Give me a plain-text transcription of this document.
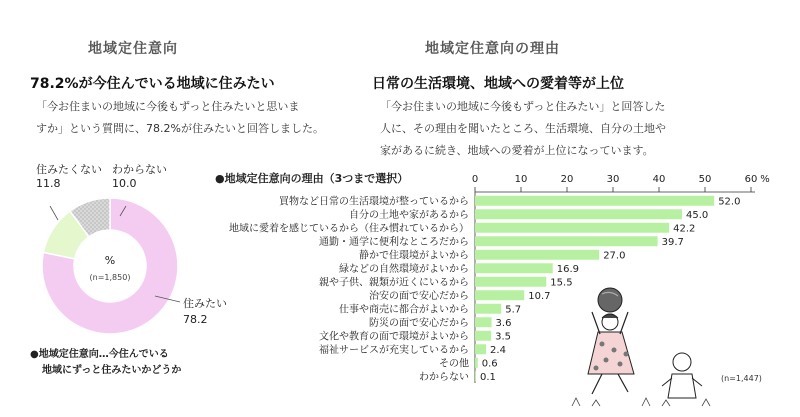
地域定住意向
78.2%が今住んでいる地域に住みたい
「今お住まいの地域に今後もずっと住みたいと思いま
すか」という質問に、78.2%が住みたいと回答しました。
住みたくない
11.8
わからない
10.0
住みたい
78.2
%
(n=1,850)
●地域定住意向…今住んでいる
地域にずっと住みたいかどうか
地域定住意向の理由
日常の生活環境、地域への愛着等が上位
「今お住まいの地域に今後もずっと住みたい」と回答した
人に、その理由を聞いたところ、生活環境、自分の土地や
家があるに続き、地域への愛着が上位になっています。
●地域定住意向の理由（3つまで選択）	0	10	20	30	40	50	60 %
買物など日常の生活環境が整っているから	52.0
自分の土地や家があるから	45.0
地域に愛着を感じているから（住み慣れているから）	42.2
通勤・通学に便利なところだから	39.7
静かで住環境がよいから	27.0
緑などの自然環境がよいから	16.9
親や子供、親類が近くにいるから	15.5
治安の面で安心だから	10.7
仕事や商売に都合がよいから	5.7
防災の面で安心だから	3.6
文化や教育の面で環境がよいから	3.5
福祉サービスが充実しているから 2.4
その他 0.6
わからない 0.1	(n=1,447)
